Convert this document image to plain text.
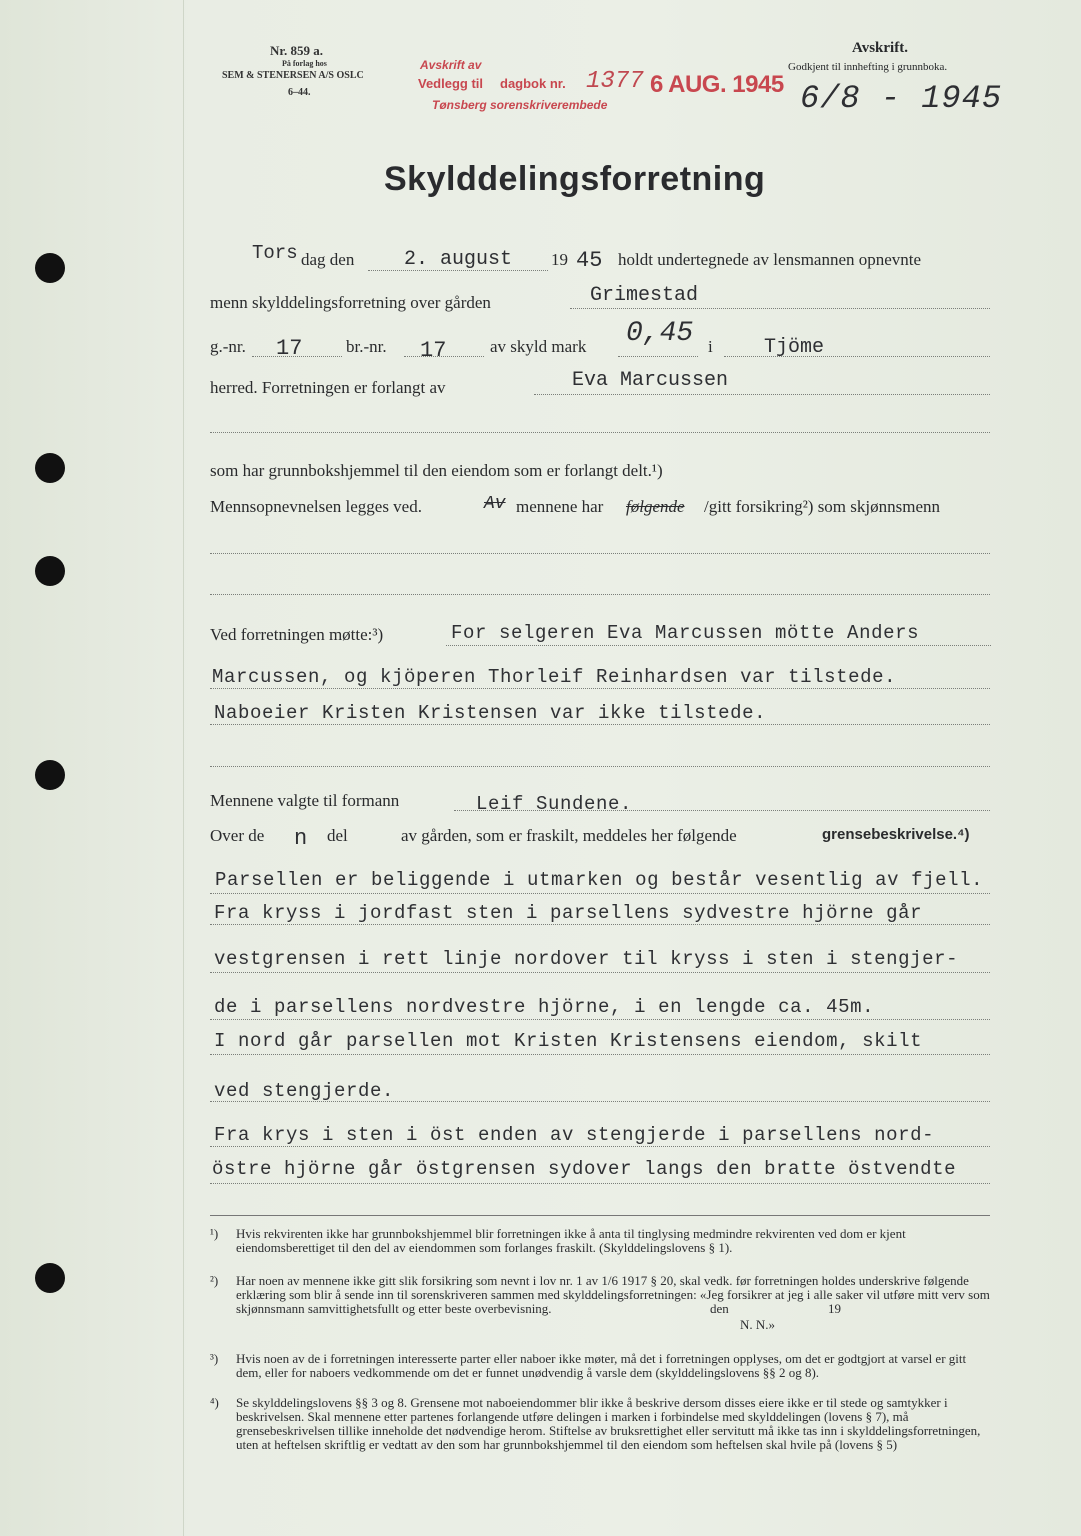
Nr. 859 a.
På forlag hos
SEM & STENERSEN A/S OSLC
6–44.
Avskrift.
Godkjent til innhefting i grunnboka.
Avskrift av
Vedlegg til dagbok nr. 1377 6 AUG. 1945
Tønsberg sorenskriverembede	6/8 - 1945
Skylddelingsforretning
Tors dag den 2. august 19 45 holdt undertegnede av lensmannen opnevnte
menn skylddelingsforretning over gården	Grimestad
g.-nr. 17	br.-nr. 17	av skyld mark 0,45 i	Tjöme
herred. Forretningen er forlangt av	Eva Marcussen
som har grunnbokshjemmel til den eiendom som er forlangt delt.¹)
Mennsopnevnelsen legges ved.	Av mennene har følgende /gitt forsikring²) som skjønnsmenn
Ved forretningen møtte:³)	For selgeren Eva Marcussen mötte Anders
Marcussen, og kjöperen Thorleif Reinhardsen var tilstede.
Naboeier Kristen Kristensen var ikke tilstede.
Mennene valgte til formann	Leif Sundene.
Over de n del	av gården, som er fraskilt, meddeles her følgende	grensebeskrivelse.⁴)
Parsellen er beliggende i utmarken og består vesentlig av fjell.
Fra kryss i jordfast sten i parsellens sydvestre hjörne går
vestgrensen i rett linje nordover til kryss i sten i stengjer-
de i parsellens nordvestre hjörne, i en lengde ca. 45m.
I nord går parsellen mot Kristen Kristensens eiendom, skilt
ved stengjerde.
Fra krys i sten i öst enden av stengjerde i parsellens nord-
östre hjörne går östgrensen sydover langs den bratte östvendte
¹) Hvis rekvirenten ikke har grunnbokshjemmel blir forretningen ikke å anta til tinglysing medmindre rekvirenten ved dom er kjent eiendomsberettiget til den del av eiendommen som forlanges fraskilt. (Skylddelingslovens § 1).
²) Har noen av mennene ikke gitt slik forsikring som nevnt i lov nr. 1 av 1/6 1917 § 20, skal vedk. før forretningen holdes underskrive følgende erklæring som blir å sende inn til sorenskriveren sammen med skylddelingsforretningen: «Jeg forsikrer at jeg i alle saker vil utføre mitt verv som skjønnsmann samvittighetsfullt og etter beste overbevisning.	den	19
N. N.»
³) Hvis noen av de i forretningen interesserte parter eller naboer ikke møter, må det i forretningen opplyses, om det er godtgjort at varsel er gitt dem, eller for naboers vedkommende om det er funnet unødvendig å varsle dem (skylddelingslovens §§ 2 og 8).
⁴) Se skylddelingslovens §§ 3 og 8. Grensene mot naboeiendommer blir ikke å beskrive dersom disses eiere ikke er til stede og samtykker i beskrivelsen. Skal mennene etter partenes forlangende utføre delingen i marken i forbindelse med skylddelingen (lovens § 7), må grensebeskrivelsen tillike inneholde det nødvendige herom. Stiftelse av bruksrettighet eller servitutt må ikke tas inn i skylddelingsforretningen, uten at heftelsen skriftlig er vedtatt av den som har grunnbokshjemmel til den eiendom som heftelsen skal hvile på (lovens § 5)
